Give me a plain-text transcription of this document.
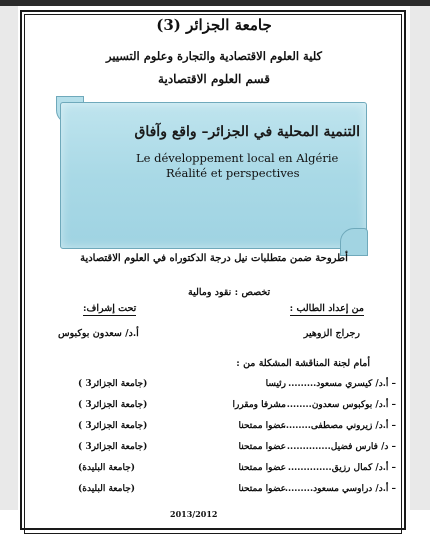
جامعة الجزائر (3)
كلية العلوم الاقتصادية والتجارة وعلوم التسيير
قسم العلوم الاقتصادية
التنمية المحلية في الجزائر– واقع وآفاق
Le développement local en Algérie
Réalité et perspectives
أطروحة ضمن متطلبات نيل درجة الدكتوراه في العلوم الاقتصادية
تخصص : نقود ومالية
من إعداد الطالب :
رجراج الزوهير
تحت إشراف:
أ.د/ سعدون بوكبوس
أمام لجنة المناقشة المشكلة من :
– أ.د/ كيسري مسعود.........
رئيسا
(جامعة الجزائر3 )
– أ.د/ بوكبوس سعدون........
مشرفا ومقررا
(جامعة الجزائر3 )
– أ.د/ زيروني مصطفى.........
عضوا ممتحنا
(جامعة الجزائر3 )
– د/ فارس فضيل..............
عضوا ممتحنا
(جامعة الجزائر3 )
– أ.د/ كمال رزيق..............
عضوا ممتحنا
(جامعة البليدة)
– أ.د/ دراوسي مسعود.........
عضوا ممتحنا
(جامعة البليدة)
2013/2012
